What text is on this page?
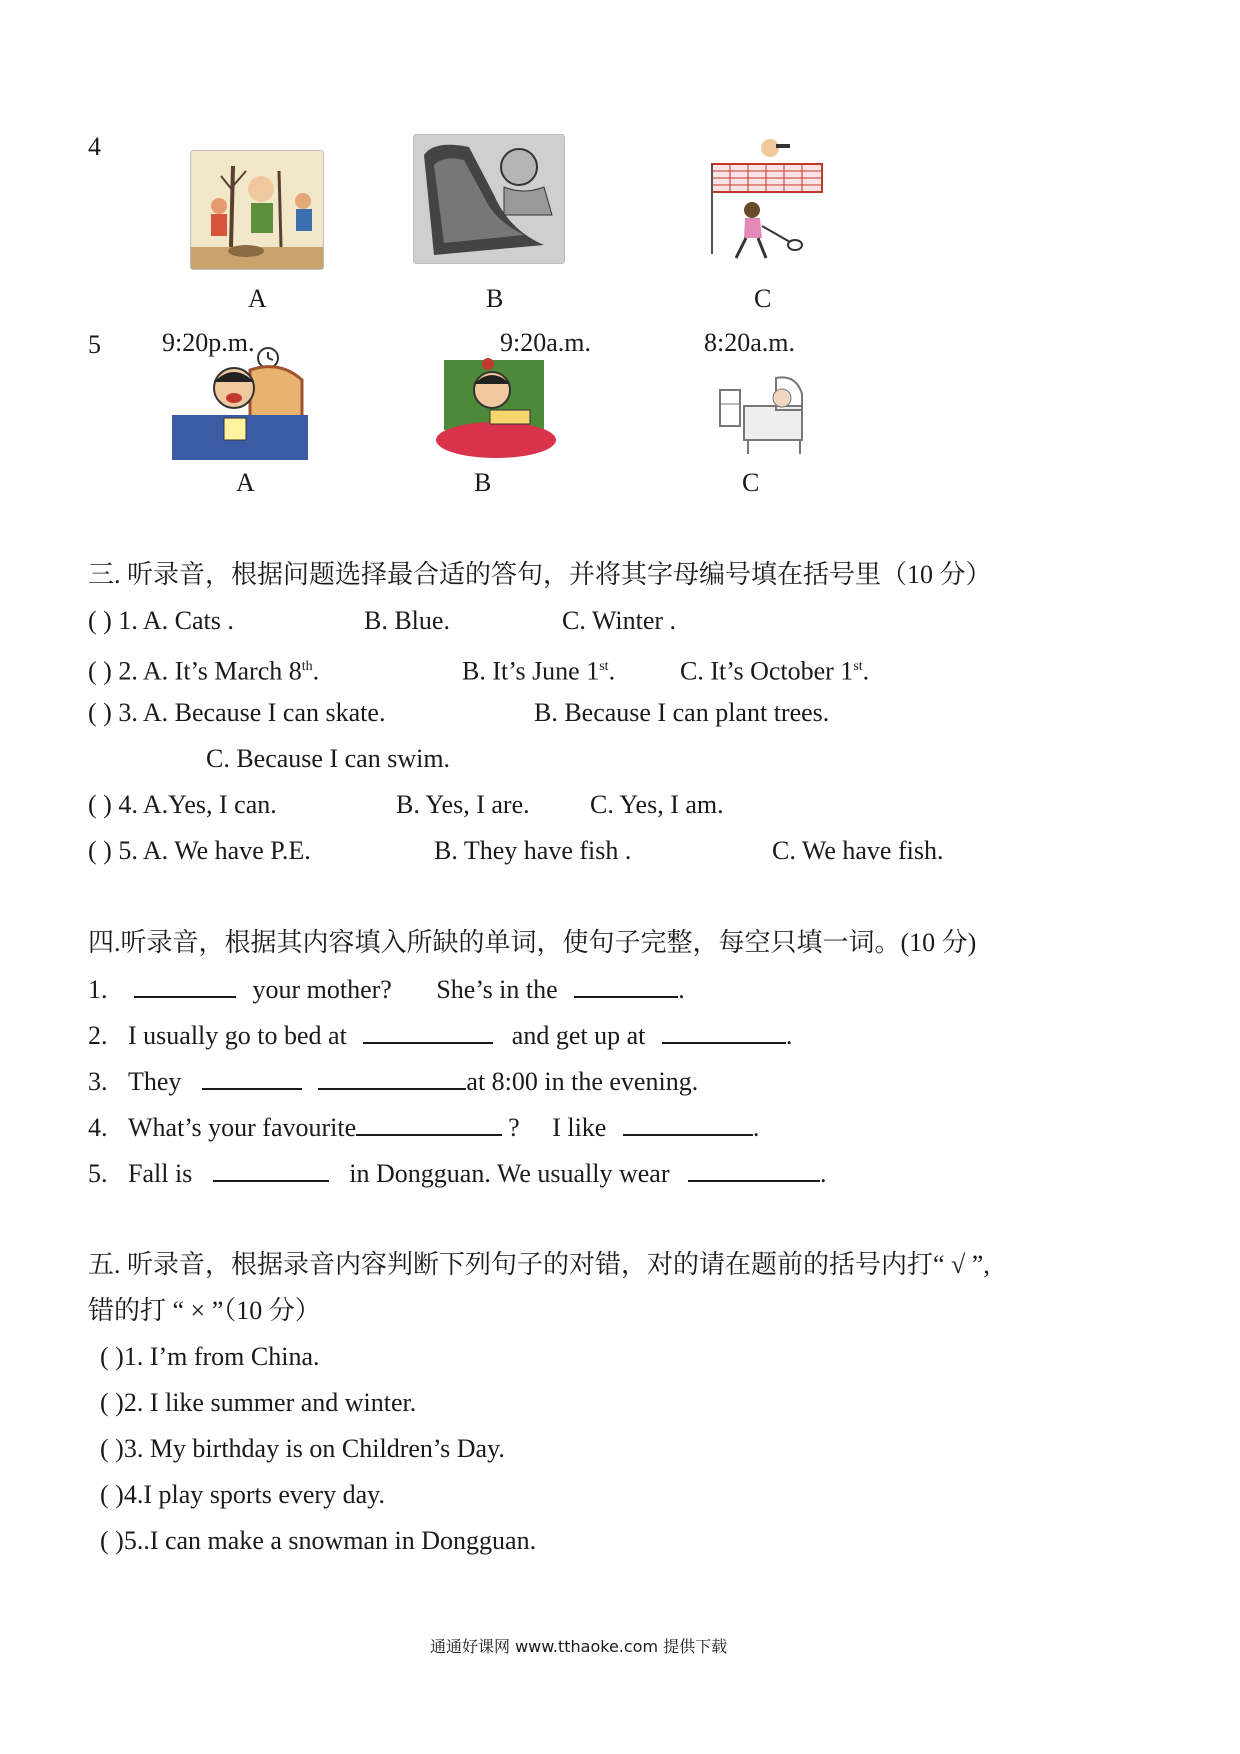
4
A	B	C
5 9:20p.m.	9:20a.m.	8:20a.m.
A	B	C
三. 听录音，根据问题选择最合适的答句，并将其字母编号填在括号里（10 分）
( ) 1. A. Cats .	B. Blue.	C. Winter .
( ) 2. A. It’s March 8th.	B. It’s June 1st. C. It’s October 1st.
( ) 3. A. Because I can skate.	B. Because I can plant trees.
C. Because I can swim.
( ) 4. A.Yes, I can.	B. Yes, I are. C. Yes, I am.
( ) 5. A. We have P.E.	B. They have fish .	C. We have fish.
四.听录音，根据其内容填入所缺的单词，使句子完整，每空只填一词。(10 分)
1.	your mother? She’s in the	.
2. I usually go to bed at	and get up at	.
3. They	at 8:00 in the evening.
4. What’s your favourite	? I like	.
5. Fall is	in Dongguan. We usually wear	.
五. 听录音，根据录音内容判断下列句子的对错，对的请在题前的括号内打“ √ ”,
错的打 “ × ”（10 分）
( )1. I’m from China.
( )2. I like summer and winter.
( )3. My birthday is on Children’s Day.
( )4.I play sports every day.
( )5..I can make a snowman in Dongguan.
通通好课网 www.tthaoke.com 提供下载
